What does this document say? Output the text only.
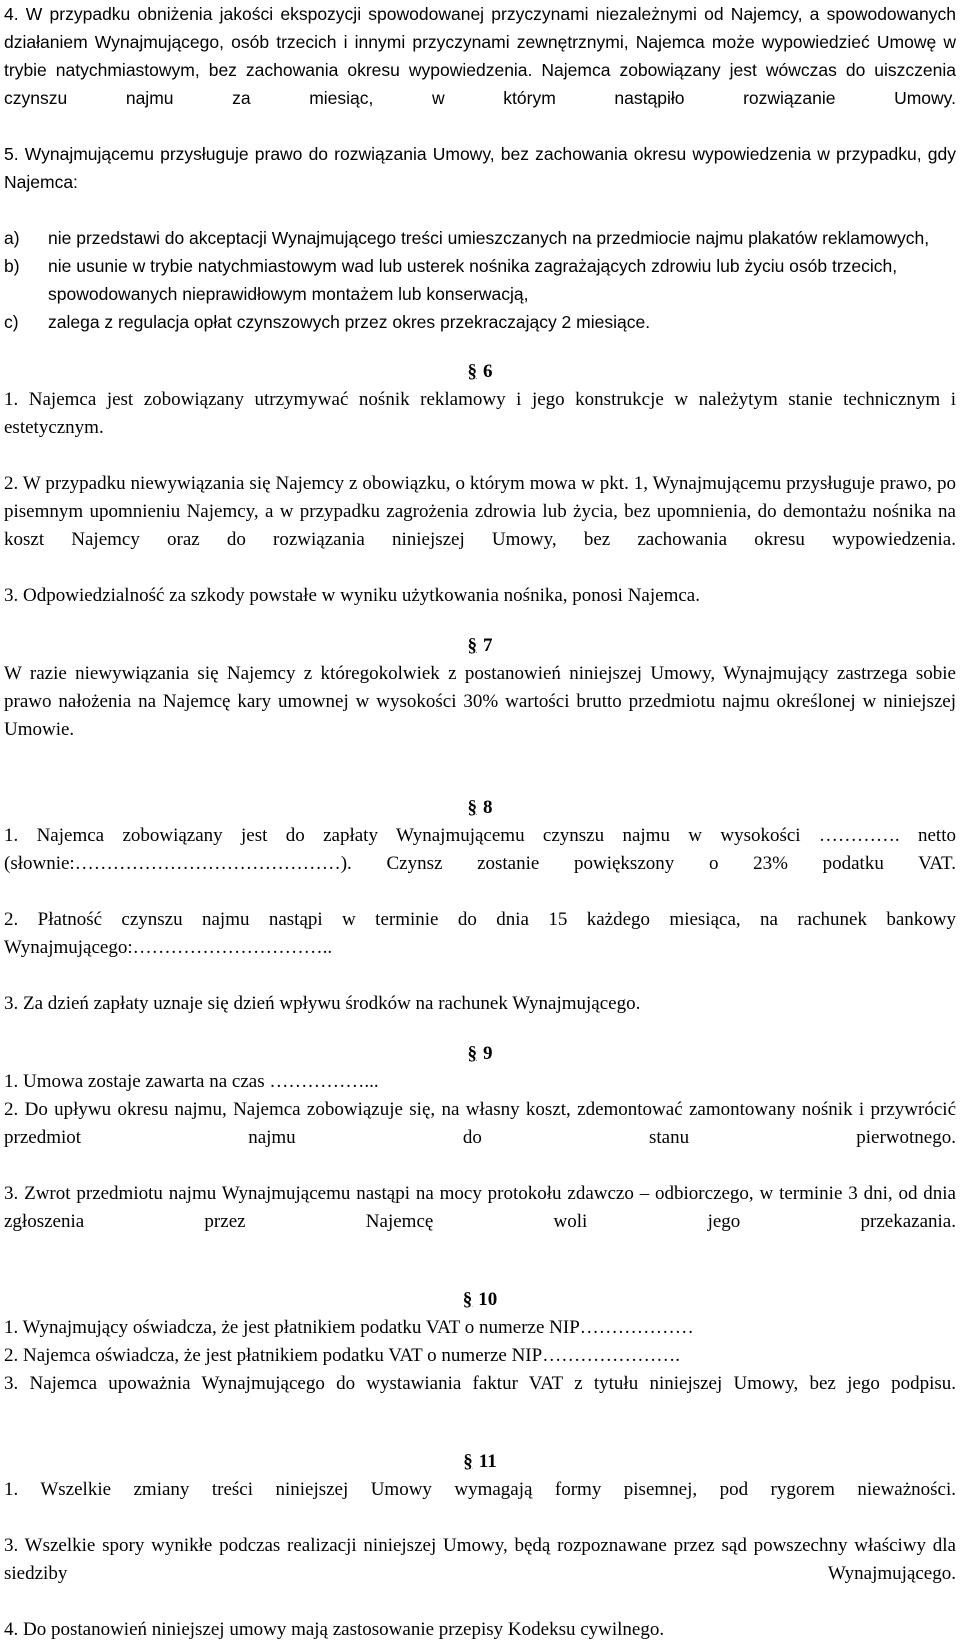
4. W przypadku obniżenia jakości ekspozycji spowodowanej przyczynami niezależnymi od Najemcy, a spowodowanych działaniem Wynajmującego, osób trzecich i innymi przyczynami zewnętrznymi, Najemca może wypowiedzieć Umowę w trybie natychmiastowym, bez zachowania okresu wypowiedzenia. Najemca zobowiązany jest wówczas do uiszczenia czynszu najmu za miesiąc, w którym nastąpiło rozwiązanie Umowy.
5. Wynajmującemu przysługuje prawo do rozwiązania Umowy, bez zachowania okresu wypowiedzenia w przypadku, gdy Najemca:
a)	nie przedstawi do akceptacji Wynajmującego treści umieszczanych na przedmiocie najmu plakatów reklamowych,
b)	nie usunie w trybie natychmiastowym wad lub usterek nośnika zagrażających zdrowiu lub życiu osób trzecich, spowodowanych nieprawidłowym montażem lub konserwacją,
c)	zalega z regulacja opłat czynszowych przez okres przekraczający 2 miesiące.
§ 6
1. Najemca jest zobowiązany utrzymywać nośnik reklamowy i jego konstrukcje w należytym stanie technicznym i estetycznym.
2. W przypadku niewywiązania się Najemcy z obowiązku, o którym mowa w pkt. 1, Wynajmującemu przysługuje prawo, po pisemnym upomnieniu Najemcy, a w przypadku zagrożenia zdrowia lub życia, bez upomnienia, do demontażu nośnika na koszt Najemcy oraz do rozwiązania niniejszej Umowy, bez zachowania okresu wypowiedzenia.
3. Odpowiedzialność za szkody powstałe w wyniku użytkowania nośnika, ponosi Najemca.
§ 7
W razie niewywiązania się Najemcy z któregokolwiek z postanowień niniejszej Umowy, Wynajmujący zastrzega sobie prawo nałożenia na Najemcę kary umownej w wysokości 30% wartości brutto przedmiotu najmu określonej w niniejszej Umowie.
§ 8
1. Najemca zobowiązany jest do zapłaty Wynajmującemu czynszu najmu w wysokości …………. netto (słownie:……………………………………). Czynsz zostanie powiększony o 23% podatku VAT.
2. Płatność czynszu najmu nastąpi w terminie do dnia 15 każdego miesiąca, na rachunek bankowy Wynajmującego:…………………………..
3. Za dzień zapłaty uznaje się dzień wpływu środków na rachunek Wynajmującego.
§ 9
1. Umowa zostaje zawarta na czas ……………...
2. Do upływu okresu najmu, Najemca zobowiązuje się, na własny koszt, zdemontować zamontowany nośnik i przywrócić przedmiot najmu do stanu pierwotnego.
3. Zwrot przedmiotu najmu Wynajmującemu nastąpi na mocy protokołu zdawczo – odbiorczego, w terminie 3 dni, od dnia zgłoszenia przez Najemcę woli jego przekazania.
§ 10
1. Wynajmujący oświadcza, że jest płatnikiem podatku VAT o numerze NIP………………
2. Najemca oświadcza, że jest płatnikiem podatku VAT o numerze NIP………………….
3. Najemca upoważnia Wynajmującego do wystawiania faktur VAT z tytułu niniejszej Umowy, bez jego podpisu.
§ 11
1. Wszelkie zmiany treści niniejszej Umowy wymagają formy pisemnej, pod rygorem nieważności.
3. Wszelkie spory wynikłe podczas realizacji niniejszej Umowy, będą rozpoznawane przez sąd powszechny właściwy dla siedziby Wynajmującego.
4. Do postanowień niniejszej umowy mają zastosowanie przepisy Kodeksu cywilnego.
